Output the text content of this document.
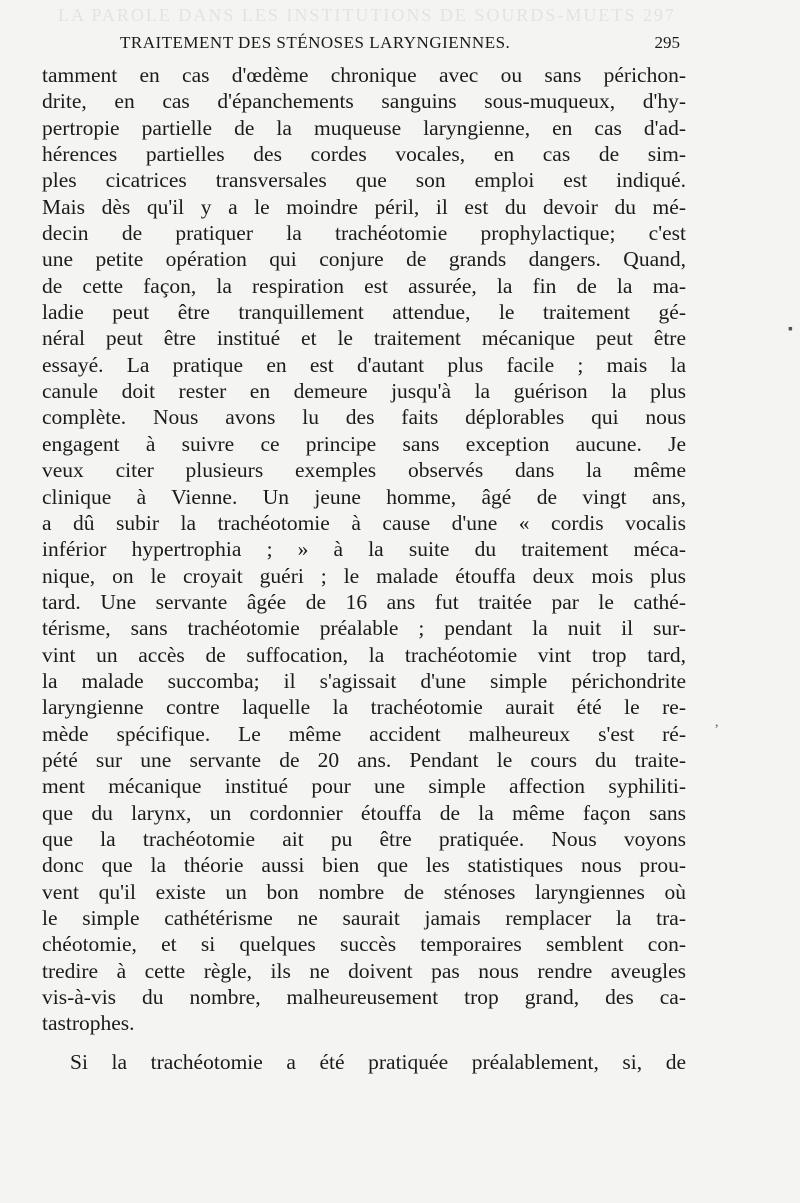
LA PAROLE DANS LES INSTITUTIONS DE SOURDS-MUETS 297
TRAITEMENT DES STÉNOSES LARYNGIENNES.	295
tamment en cas d'œdème chronique avec ou sans périchon-
drite, en cas d'épanchements sanguins sous-muqueux, d'hy-
pertropie partielle de la muqueuse laryngienne, en cas d'ad-
hérences partielles des cordes vocales, en cas de sim-
ples cicatrices transversales que son emploi est indiqué.
Mais dès qu'il y a le moindre péril, il est du devoir du mé-
decin de pratiquer la trachéotomie prophylactique; c'est
une petite opération qui conjure de grands dangers. Quand,
de cette façon, la respiration est assurée, la fin de la ma-
ladie peut être tranquillement attendue, le traitement gé-
néral peut être institué et le traitement mécanique peut être
essayé. La pratique en est d'autant plus facile ; mais la
canule doit rester en demeure jusqu'à la guérison la plus
complète. Nous avons lu des faits déplorables qui nous
engagent à suivre ce principe sans exception aucune. Je
veux citer plusieurs exemples observés dans la même
clinique à Vienne. Un jeune homme, âgé de vingt ans,
a dû subir la trachéotomie à cause d'une « cordis vocalis
inférior hypertrophia ; » à la suite du traitement méca-
nique, on le croyait guéri ; le malade étouffa deux mois plus
tard. Une servante âgée de 16 ans fut traitée par le cathé-
térisme, sans trachéotomie préalable ; pendant la nuit il sur-
vint un accès de suffocation, la trachéotomie vint trop tard,
la malade succomba; il s'agissait d'une simple périchondrite
laryngienne contre laquelle la trachéotomie aurait été le re-
mède spécifique. Le même accident malheureux s'est ré-
pété sur une servante de 20 ans. Pendant le cours du traite-
ment mécanique institué pour une simple affection syphiliti-
que du larynx, un cordonnier étouffa de la même façon sans
que la trachéotomie ait pu être pratiquée. Nous voyons
donc que la théorie aussi bien que les statistiques nous prou-
vent qu'il existe un bon nombre de sténoses laryngiennes où
le simple cathétérisme ne saurait jamais remplacer la tra-
chéotomie, et si quelques succès temporaires semblent con-
tredire à cette règle, ils ne doivent pas nous rendre aveugles
vis-à-vis du nombre, malheureusement trop grand, des ca-
tastrophes.
Si la trachéotomie a été pratiquée préalablement, si, de
▪
,
